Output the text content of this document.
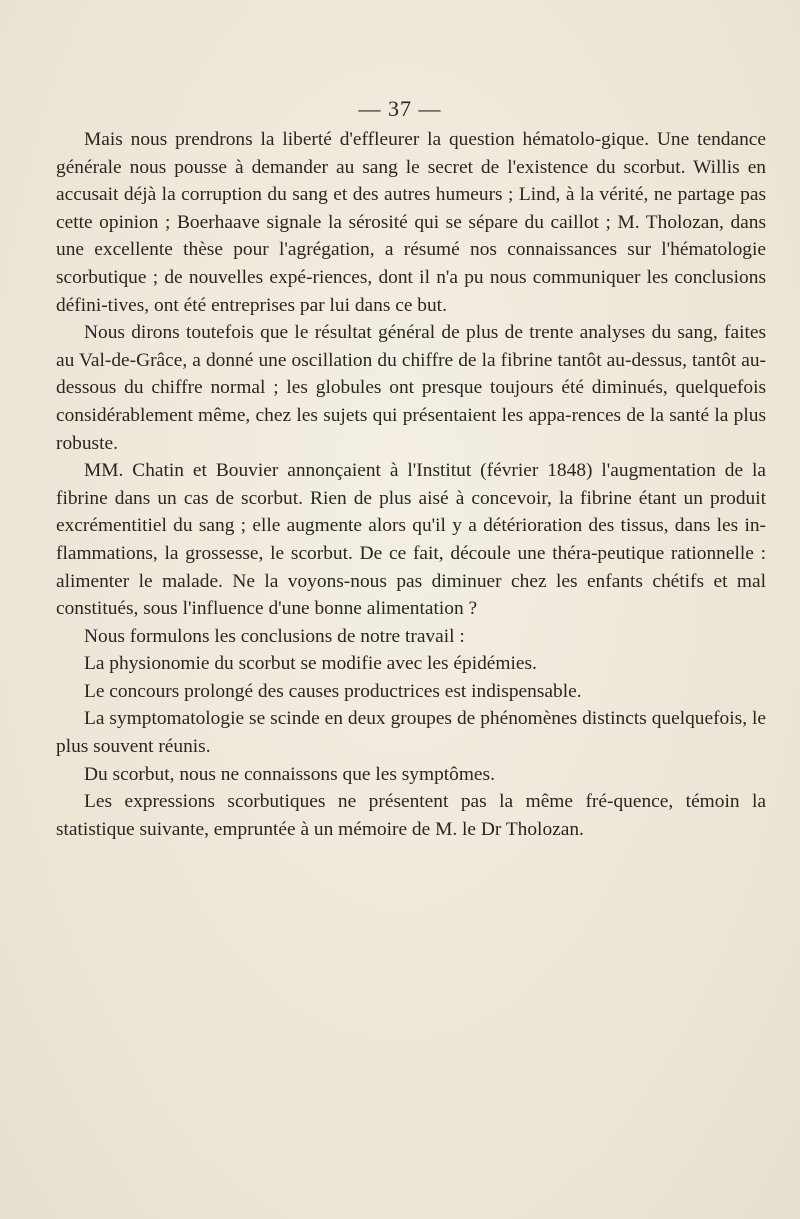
— 37 —

Mais nous prendrons la liberté d'effleurer la question hématolo-gique. Une tendance générale nous pousse à demander au sang le secret de l'existence du scorbut. Willis en accusait déjà la corruption du sang et des autres humeurs ; Lind, à la vérité, ne partage pas cette opinion ; Boerhaave signale la sérosité qui se sépare du caillot ; M. Tholozan, dans une excellente thèse pour l'agrégation, a résumé nos connaissances sur l'hématologie scorbutique ; de nouvelles expé-riences, dont il n'a pu nous communiquer les conclusions défini-tives, ont été entreprises par lui dans ce but.

Nous dirons toutefois que le résultat général de plus de trente analyses du sang, faites au Val-de-Grâce, a donné une oscillation du chiffre de la fibrine tantôt au-dessus, tantôt au-dessous du chiffre normal ; les globules ont presque toujours été diminués, quelquefois considérablement même, chez les sujets qui présentaient les appa-rences de la santé la plus robuste.

MM. Chatin et Bouvier annonçaient à l'Institut (février 1848) l'augmentation de la fibrine dans un cas de scorbut. Rien de plus aisé à concevoir, la fibrine étant un produit excrémentitiel du sang ; elle augmente alors qu'il y a détérioration des tissus, dans les in-flammations, la grossesse, le scorbut. De ce fait, découle une théra-peutique rationnelle : alimenter le malade. Ne la voyons-nous pas diminuer chez les enfants chétifs et mal constitués, sous l'influence d'une bonne alimentation ?

Nous formulons les conclusions de notre travail :

La physionomie du scorbut se modifie avec les épidémies.

Le concours prolongé des causes productrices est indispensable.

La symptomatologie se scinde en deux groupes de phénomènes distincts quelquefois, le plus souvent réunis.

Du scorbut, nous ne connaissons que les symptômes.

Les expressions scorbutiques ne présentent pas la même fré-quence, témoin la statistique suivante, empruntée à un mémoire de M. le Dr Tholozan.
